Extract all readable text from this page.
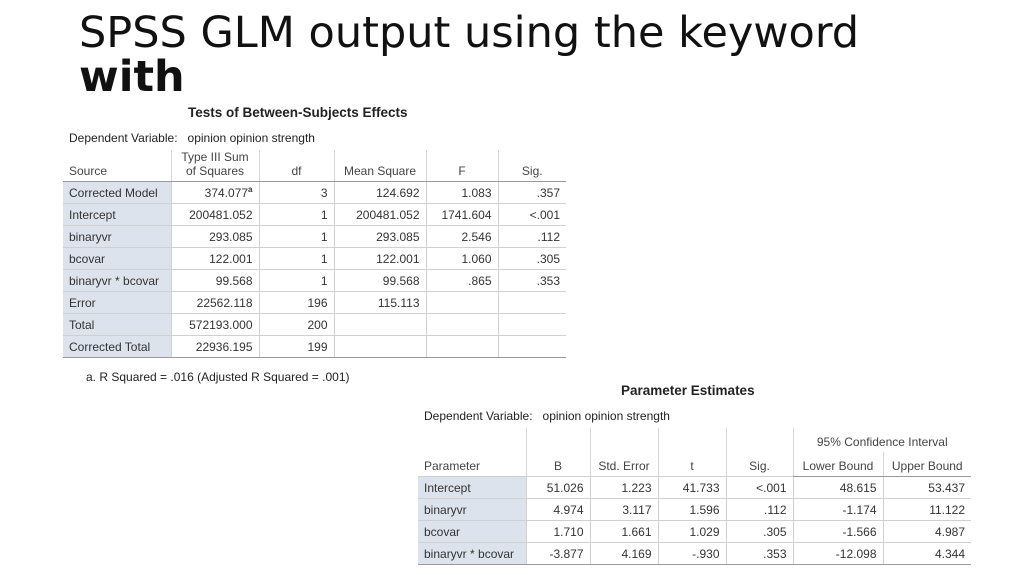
SPSS GLM output using the keyword
with
Tests of Between-Subjects Effects
Dependent Variable: opinion opinion strength
Source	Type III Sum
of Squares	df	Mean Square	F	Sig.
Corrected Model	374.077$^a$	3	124.692	1.083	.357
Intercept	200481.052	1	200481.052	1741.604	<.001
binaryvr	293.085	1	293.085	2.546	.112
bcovar	122.001	1	122.001	1.060	.305
binaryvr * bcovar	99.568	1	99.568	.865	.353
Error	22562.118	196	115.113		
Total	572193.000	200			
Corrected Total	22936.195	199			
a. R Squared = .016 (Adjusted R Squared = .001)
Parameter Estimates
Dependent Variable: opinion opinion strength
Parameter	B	Std. Error	t	Sig.	95% Confidence Interval	
					Lower Bound	Upper Bound
Intercept	51.026	1.223	41.733	<.001	48.615	53.437
binaryvr	4.974	3.117	1.596	.112	-1.174	11.122
bcovar	1.710	1.661	1.029	.305	-1.566	4.987
binaryvr * bcovar	-3.877	4.169	-.930	.353	-12.098	4.344
